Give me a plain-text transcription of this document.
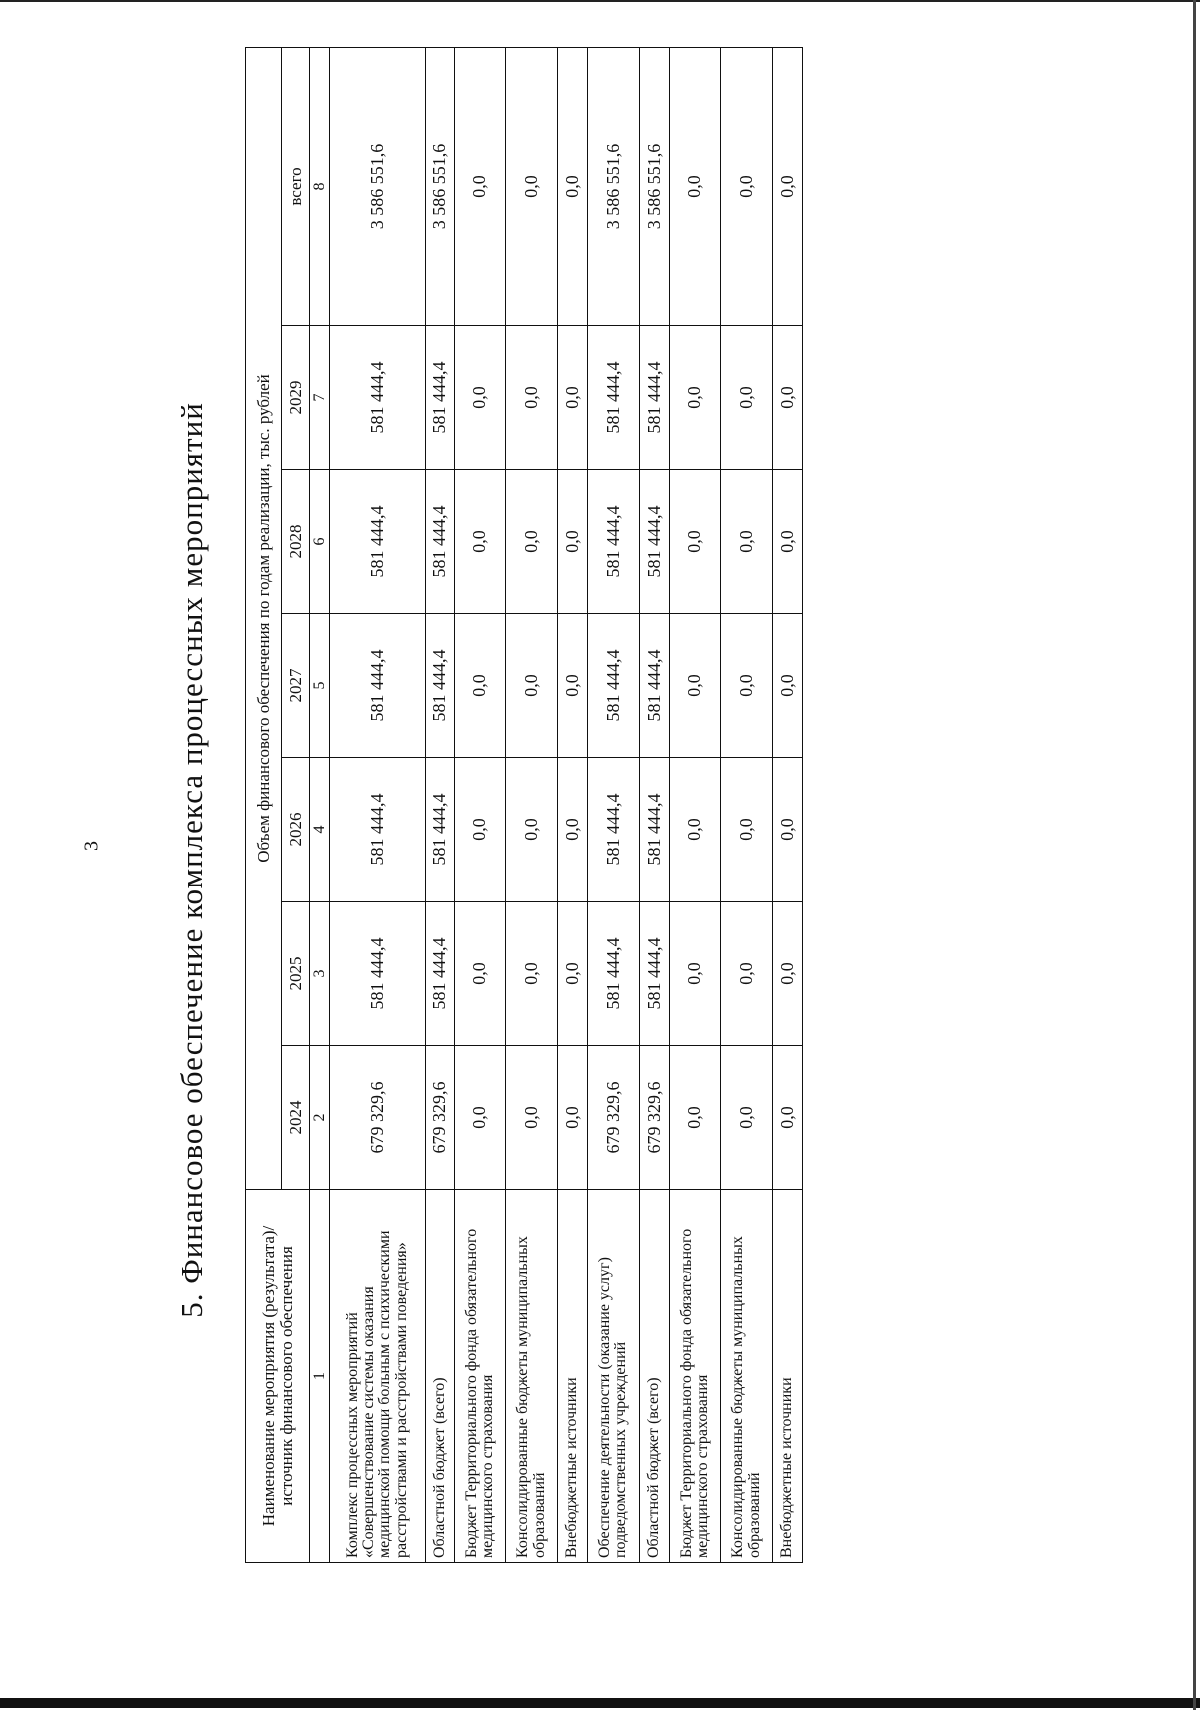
3 5. Финансовое обеспечение комплекса процессных мероприятий
Наименование мероприятия (результата)/ источник финансового обеспечения	Объем финансового обеспечения по годам реализации, тыс. рублей						
	2024	2025	2026	2027	2028	2029	всего
1	2	3	4	5	6	7	8
Комплекс процессных мероприятий «Совершенствование системы оказания медицинской помощи больным с психическими расстройствами и расстройствами поведения»	679 329,6	581 444,4	581 444,4	581 444,4	581 444,4	581 444,4	3 586 551,6
Областной бюджет (всего)	679 329,6	581 444,4	581 444,4	581 444,4	581 444,4	581 444,4	3 586 551,6
Бюджет Территориального фонда обязательного медицинского страхования	0,0	0,0	0,0	0,0	0,0	0,0	0,0
Консолидированные бюджеты муниципальных образований	0,0	0,0	0,0	0,0	0,0	0,0	0,0
Внебюджетные источники	0,0	0,0	0,0	0,0	0,0	0,0	0,0
Обеспечение деятельности (оказание услуг) подведомственных учреждений	679 329,6	581 444,4	581 444,4	581 444,4	581 444,4	581 444,4	3 586 551,6
Областной бюджет (всего)	679 329,6	581 444,4	581 444,4	581 444,4	581 444,4	581 444,4	3 586 551,6
Бюджет Территориального фонда обязательного медицинского страхования	0,0	0,0	0,0	0,0	0,0	0,0	0,0
Консолидированные бюджеты муниципальных образований	0,0	0,0	0,0	0,0	0,0	0,0	0,0
Внебюджетные источники	0,0	0,0	0,0	0,0	0,0	0,0	0,0
